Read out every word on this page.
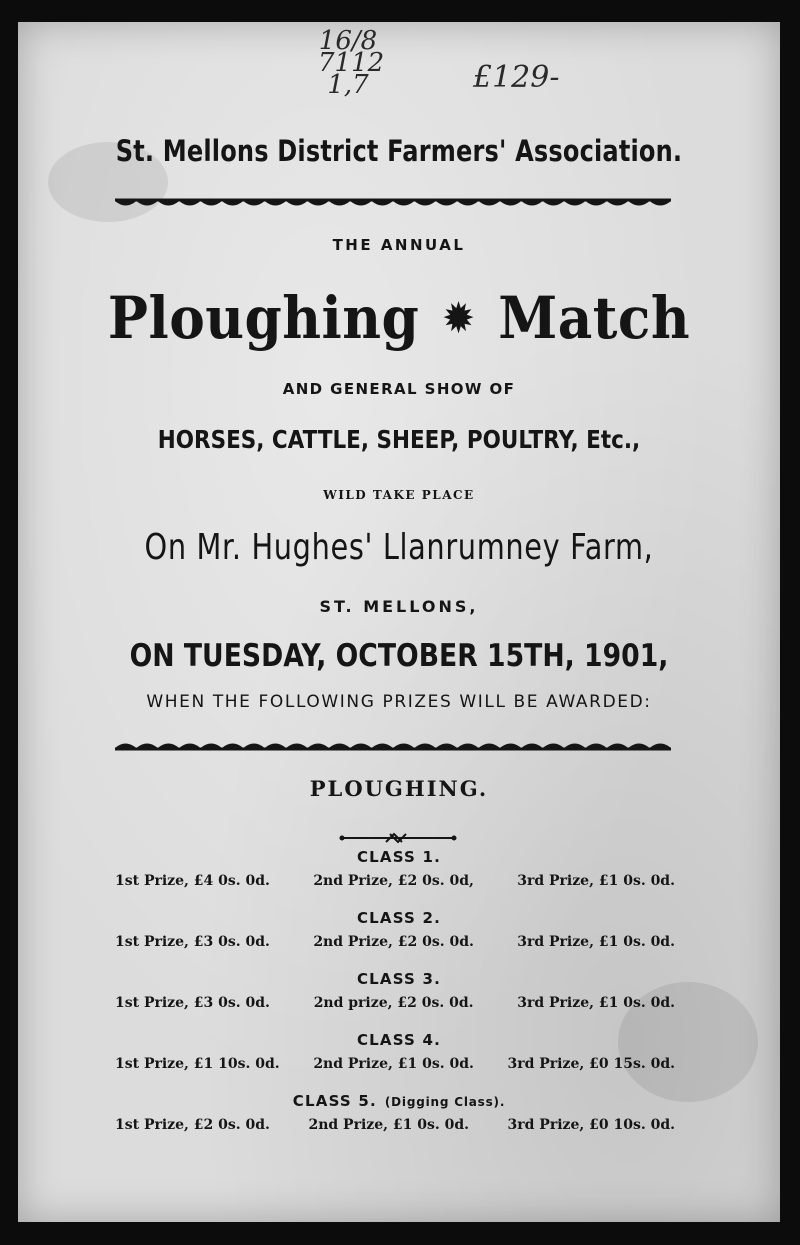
16/8
7112
1,7	£129-
St. Mellons District Farmers' Association.
THE ANNUAL
Ploughing ✹ Match
AND GENERAL SHOW OF
HORSES, CATTLE, SHEEP, POULTRY, Etc.,
WILD TAKE PLACE
On Mr. Hughes' Llanrumney Farm,
ST. MELLONS,
ON TUESDAY, OCTOBER 15TH, 1901,
WHEN THE FOLLOWING PRIZES WILL BE AWARDED:
PLOUGHING.
CLASS 1.
1st Prize, £4 0s. 0d.	2nd Prize, £2 0s. 0d,	3rd Prize, £1 0s. 0d.
CLASS 2.
1st Prize, £3 0s. 0d.	2nd Prize, £2 0s. 0d.	3rd Prize, £1 0s. 0d.
CLASS 3.
1st Prize, £3 0s. 0d.	2nd prize, £2 0s. 0d.	3rd Prize, £1 0s. 0d.
CLASS 4.
1st Prize, £1 10s. 0d. 2nd Prize, £1 0s. 0d. 3rd Prize, £0 15s. 0d.
CLASS 5. (Digging Class).
1st Prize, £2 0s. 0d.	2nd Prize, £1 0s. 0d.	3rd Prize, £0 10s. 0d.
